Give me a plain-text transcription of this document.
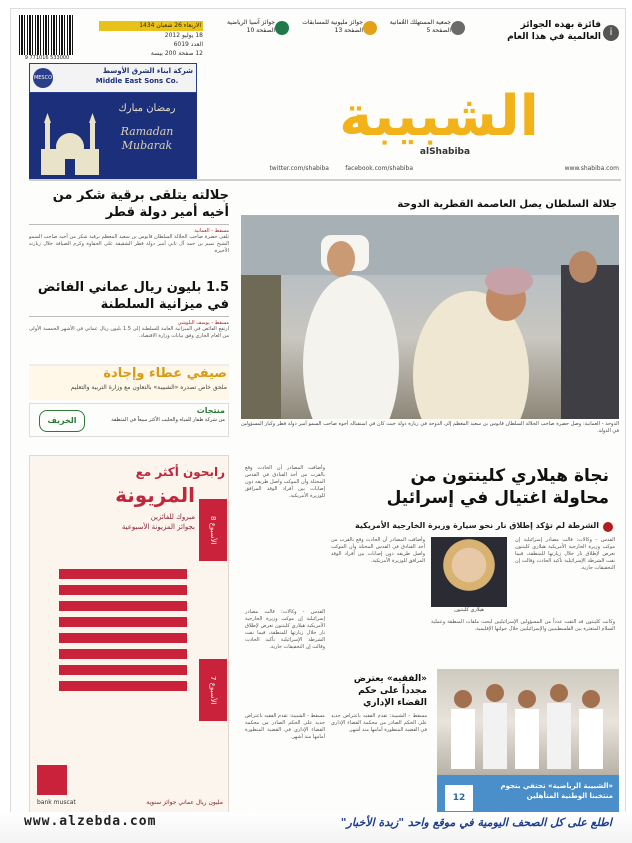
9 771016 533000
الاربعاء 26 شعبان 1434
18 يوليو 2012
العدد 6019
12 صفحة 200 بيسة
جوائز آسيا الرياضية
الصفحة 10
جوائز مليونية للمسابقات
الصفحة 13
جمعية المستهلك العُمانية
الصفحة 5
فائزة بهذه الجوائز
العالمية في هذا العام i
MESCO
شركة ابناء الشرق الأوسط
Middle East Sons Co.
رمضان مبارك
Ramadan
Mubarak	الشبيبة
alShabiba
www.shabiba.com
facebook.com/shabiba
twitter.com/shabiba
جلالته يتلقى برقية شكر من أخيه أمير دولة قطر
مسقط - العمانية
تلقى حضرة صاحب الجلالة السلطان قابوس بن سعيد المعظم برقية شكر من أخيه صاحب السمو الشيخ تميم بن حمد آل ثاني أمير دولة قطر الشقيقة على الحفاوة وكرم الضيافة خلال زيارته الأخيرة.
1.5 بليون ريال عماني الفائض في ميزانية السلطنة
مسقط - يوسف البلوشي
ارتفع الفائض في الميزانية العامة للسلطنة إلى 1.5 بليون ريال عماني في الأشهر الخمسة الأولى من العام الجاري وفق بيانات وزارة الاقتصاد.
صيفي عطاء وإجادة
ملحق خاص تصدره «الشبيبة» بالتعاون مع وزارة التربية والتعليم
الخريف
منتجات
من شركة ظفار للمياه والحليب الأكثر مبيعاً في المنطقة
جلالة السلطان يصل العاصمة القطرية الدوحة
الدوحة - العمانية: وصل حضرة صاحب الجلالة السلطان قابوس بن سعيد المعظم إلى الدوحة في زيارة دولة حيث كان في استقباله أخوه صاحب السمو أمير دولة قطر وكبار المسؤولين في الدولة.
رابحون أكثر مع
المزيونة
مبروك للفائزين
بجوائز المزيونة الأسبوعية
الأسبوع 8
الأسبوع 7
bank muscat	مليون ريال عماني جوائز سنوية
نجاة هيلاري كلينتون من
محاولة اغتيال في إسرائيل
الشرطة لم تؤكد إطلاق نار نحو سيارة وزيرة الخارجية الأمريكية
القدس - وكالات: قالت مصادر إسرائيلية إن موكب وزيرة الخارجية الأمريكية هيلاري كلينتون تعرض لإطلاق نار خلال زيارتها للمنطقة، فيما نفت الشرطة الإسرائيلية تأكيد الحادث وقالت إن التحقيقات جارية.
هيلاري كلينتون
وأضافت المصادر أن الحادث وقع بالقرب من أحد الفنادق في القدس المحتلة وأن الموكب واصل طريقه دون إصابات بين أفراد الوفد المرافق للوزيرة الأمريكية.
وكانت كلينتون قد التقت عدداً من المسؤولين الإسرائيليين لبحث ملفات المنطقة وعملية السلام المتعثرة بين الفلسطينيين والإسرائيليين خلال جولتها الإقليمية.
وأضافت المصادر أن الحادث وقع بالقرب من أحد الفنادق في القدس المحتلة وأن الموكب واصل طريقه دون إصابات بين أفراد الوفد المرافق للوزيرة الأمريكية.
القدس - وكالات: قالت مصادر إسرائيلية إن موكب وزيرة الخارجية الأمريكية هيلاري كلينتون تعرض لإطلاق نار خلال زيارتها للمنطقة، فيما نفت الشرطة الإسرائيلية تأكيد الحادث وقالت إن التحقيقات جارية.
«الفقيه» يعترض مجدداً على حكم القضاء الإداري
مسقط - الشبيبة: تقدم الفقيه باعتراض جديد على الحكم الصادر من محكمة القضاء الإداري في القضية المنظورة أمامها منذ أشهر.
مسقط - الشبيبة: تقدم الفقيه باعتراض جديد على الحكم الصادر من محكمة القضاء الإداري في القضية المنظورة أمامها منذ أشهر.
12
«الشبيبة الرياضية» تحتفي بنجوم منتخبنا الوطنية المتأهلين
www.alzebda.com	اطلع على كل الصحف اليومية في موقع واحد "زبدة الأخبار"
